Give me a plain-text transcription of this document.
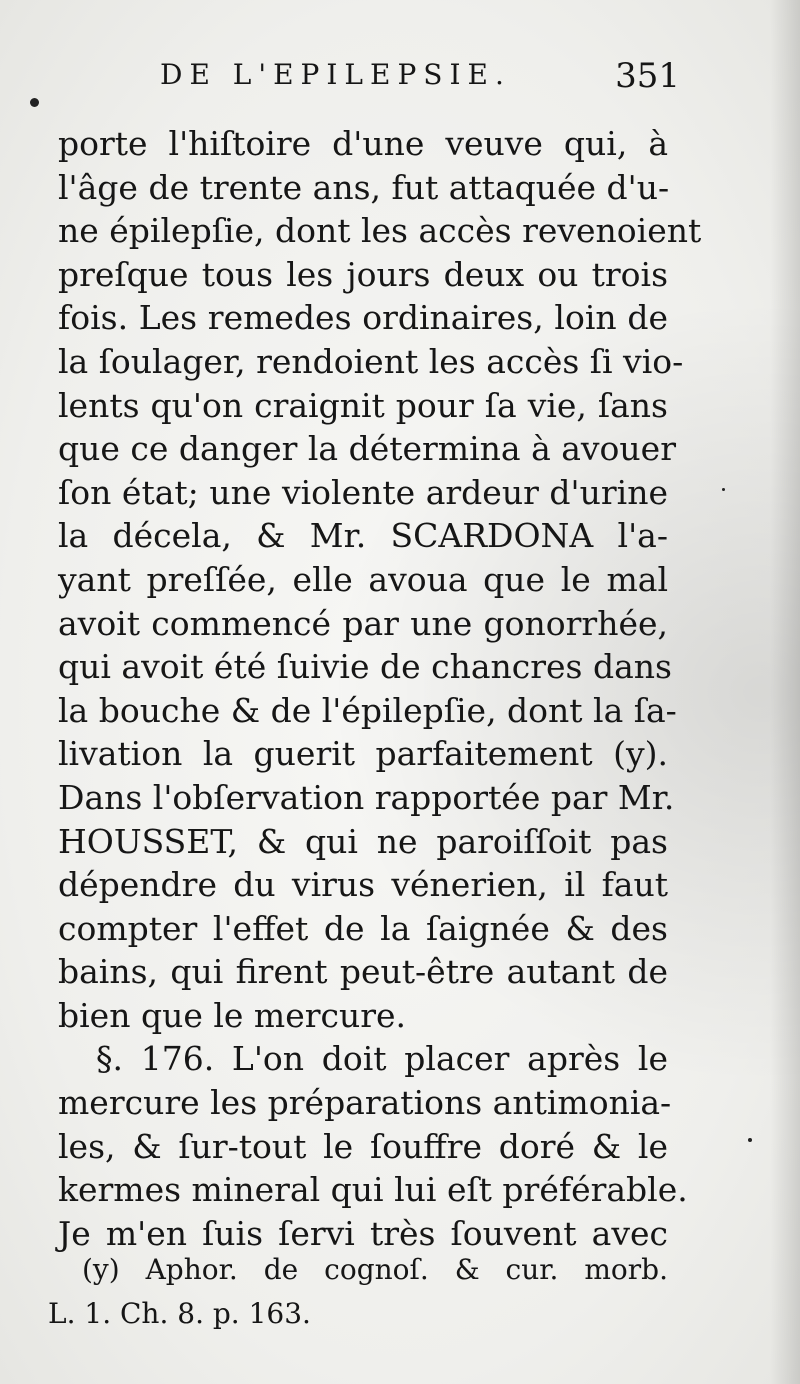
DE L'EPILEPSIE.	351
porte l'hiſtoire d'une veuve qui, à
l'âge de trente ans, fut attaquée d'u-
ne épilepſie, dont les accès revenoient
preſque tous les jours deux ou trois
fois. Les remedes ordinaires, loin de
la ſoulager, rendoient les accès ſi vio-
lents qu'on craignit pour ſa vie, ſans
que ce danger la détermina à avouer
ſon état; une violente ardeur d'urine
la décela, & Mr. SCARDONA l'a-
yant preſſée, elle avoua que le mal
avoit commencé par une gonorrhée,
qui avoit été ſuivie de chancres dans
la bouche & de l'épilepſie, dont la ſa-
livation la guerit parfaitement (y).
Dans l'obſervation rapportée par Mr.
HOUSSET, & qui ne paroiſſoit pas
dépendre du virus vénerien, il faut
compter l'effet de la ſaignée & des
bains, qui firent peut-être autant de
bien que le mercure.
§. 176. L'on doit placer après le
mercure les préparations antimonia-
les, & ſur-tout le ſouffre doré & le
kermes mineral qui lui eſt préférable.
Je m'en ſuis ſervi très ſouvent avec
(y) Aphor. de cognoſ. & cur. morb.
L. 1. Ch. 8. p. 163.
